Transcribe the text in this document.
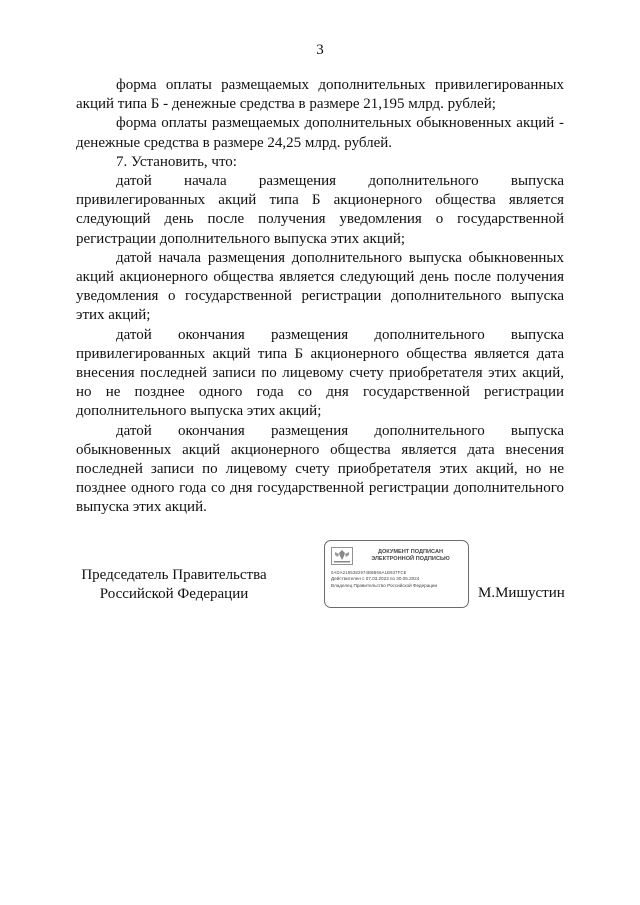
3

форма оплаты размещаемых дополнительных привилегированных акций типа Б - денежные средства в размере 21,195 млрд. рублей;

форма оплаты размещаемых дополнительных обыкновенных акций - денежные средства в размере 24,25 млрд. рублей.

7. Установить, что:

датой начала размещения дополнительного выпуска привилегированных акций типа Б акционерного общества является следующий день после получения уведомления о государственной регистрации дополнительного выпуска этих акций;

датой начала размещения дополнительного выпуска обыкновенных акций акционерного общества является следующий день после получения уведомления о государственной регистрации дополнительного выпуска этих акций;

датой окончания размещения дополнительного выпуска привилегированных акций типа Б акционерного общества является дата внесения последней записи по лицевому счету приобретателя этих акций, но не позднее одного года со дня государственной регистрации дополнительного выпуска этих акций;

датой окончания размещения дополнительного выпуска обыкновенных акций акционерного общества является дата внесения последней записи по лицевому счету приобретателя этих акций, но не позднее одного года со дня государственной регистрации дополнительного выпуска этих акций.

Председатель Правительства
Российской Федерации
ДОКУМЕНТ ПОДПИСАН
ЭЛЕКТРОННОЙ ПОДПИСЬЮ
0ADA2195382974B6B66A1B937FCE
Действителен с 07.03.2023 по 30.05.2024
Владелец Правительство Российской Федерации	М.Мишустин
